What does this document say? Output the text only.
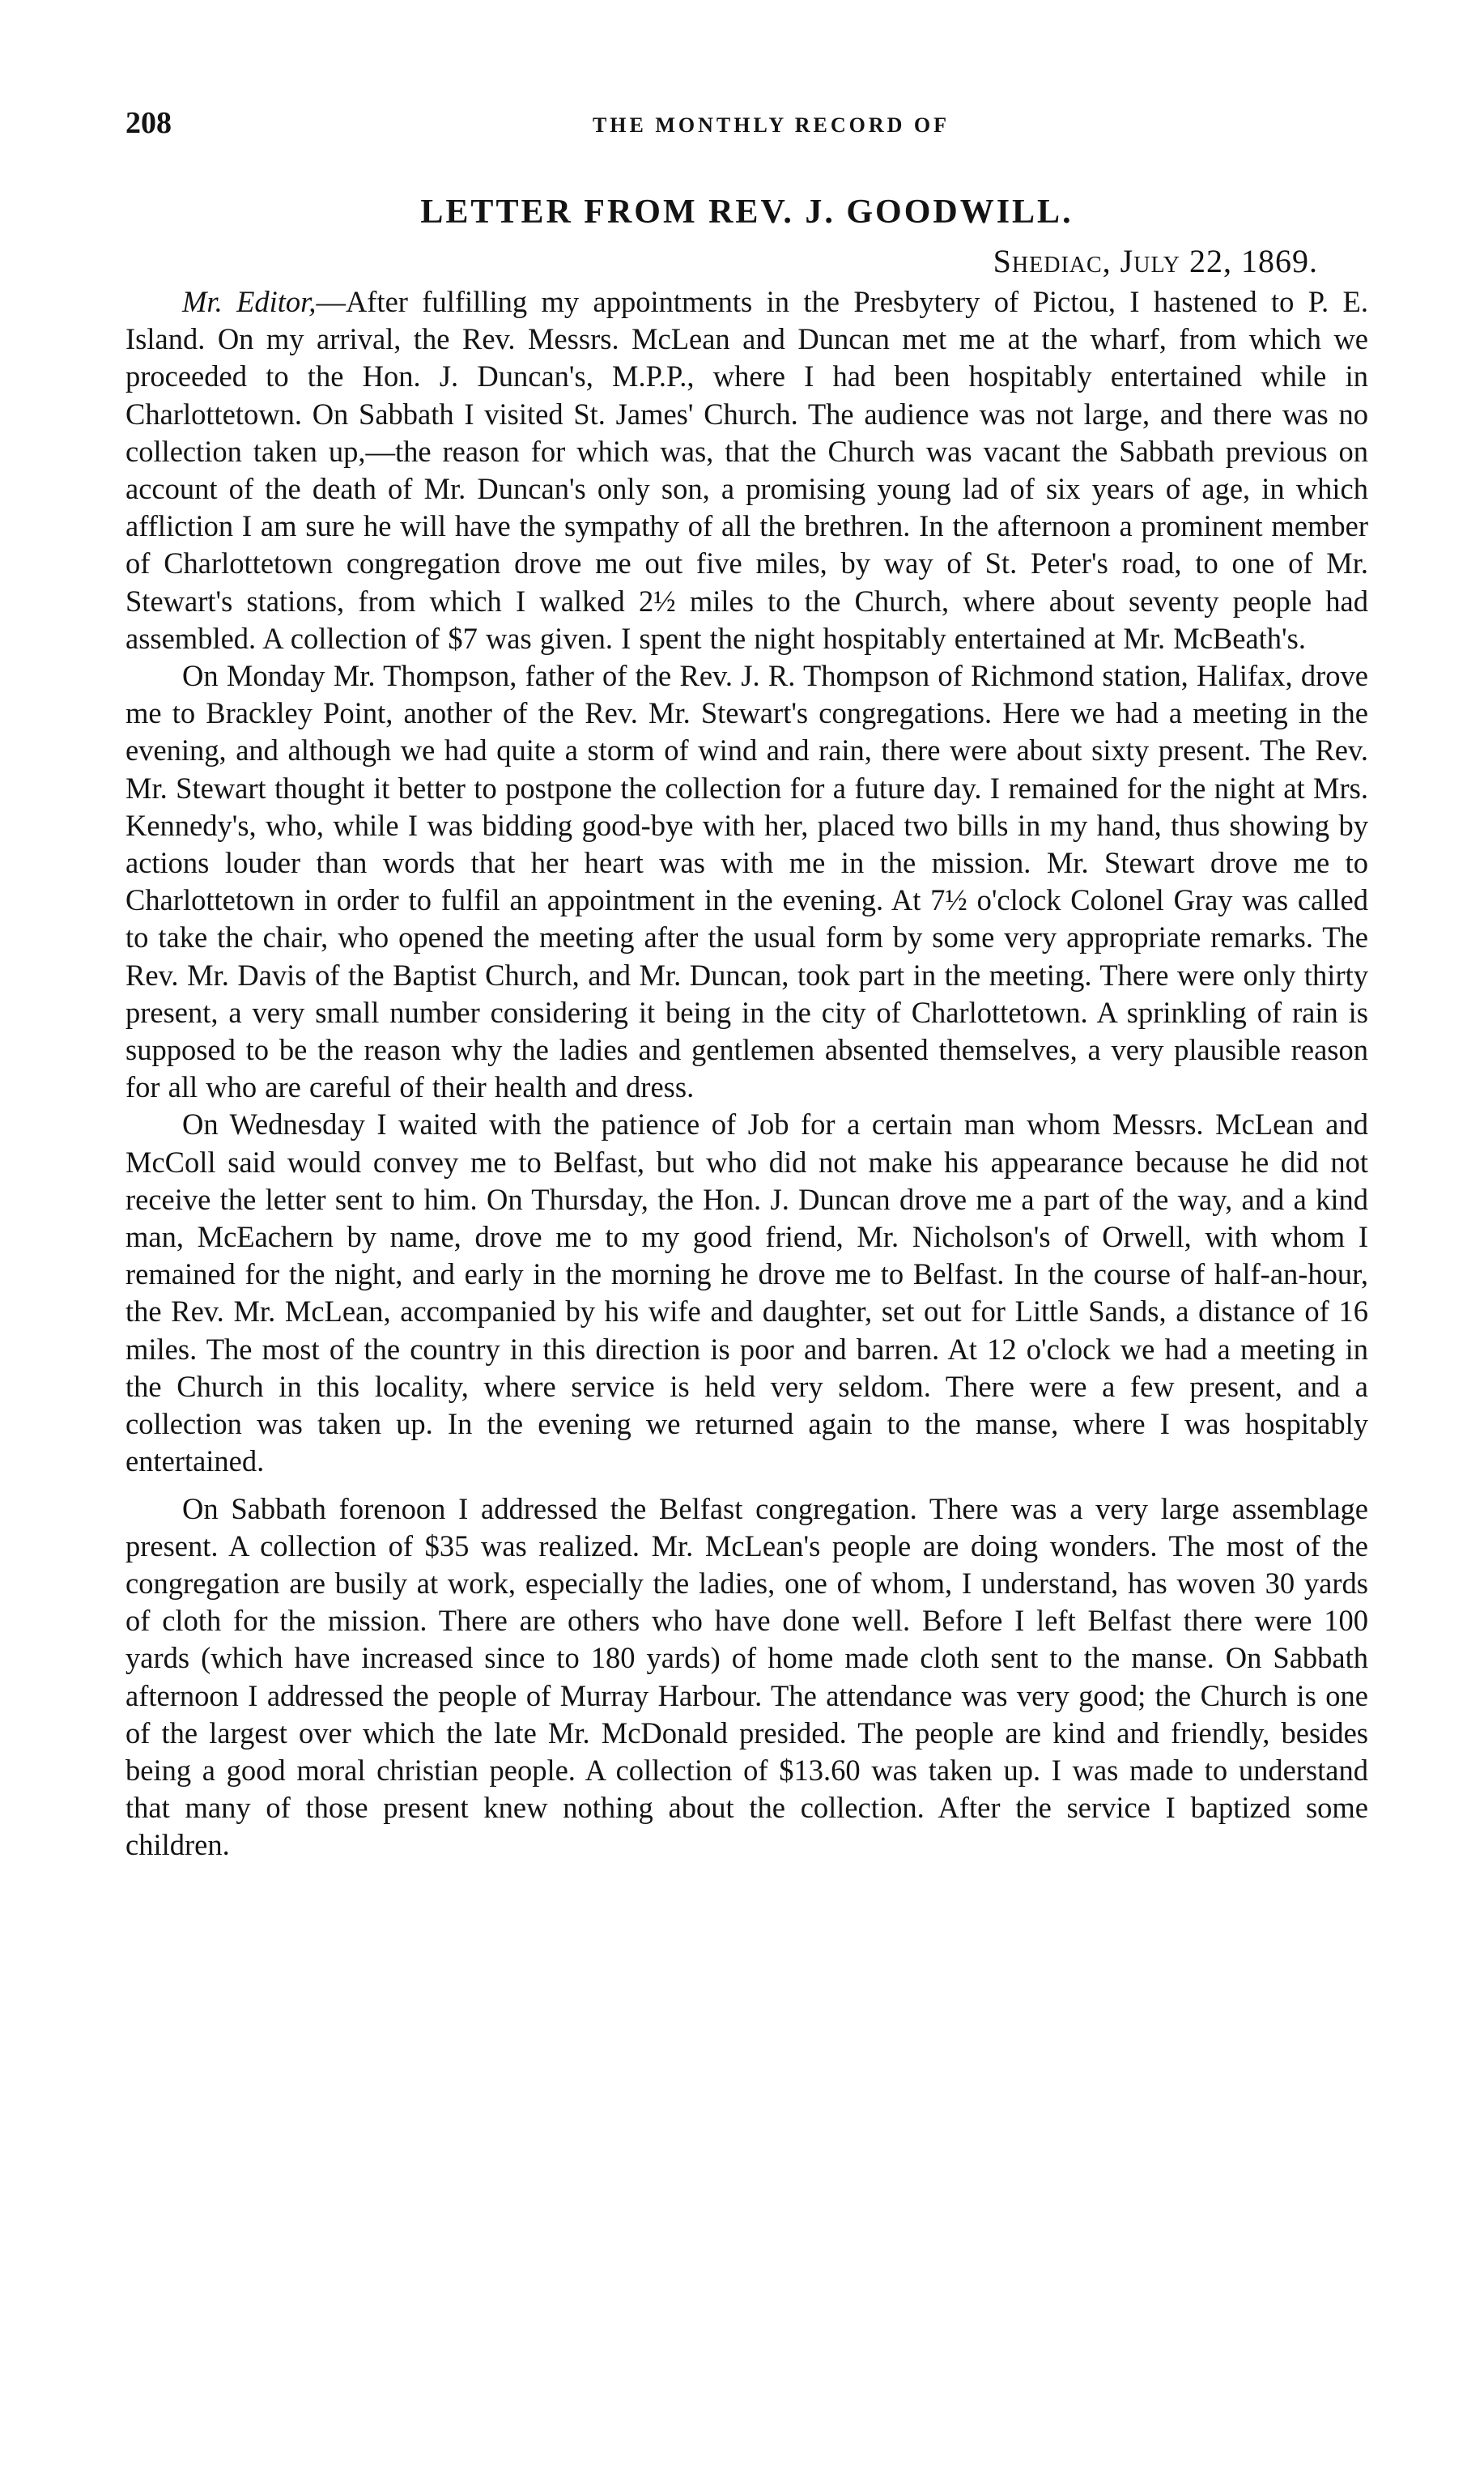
208	THE MONTHLY RECORD OF
LETTER FROM REV. J. GOODWILL.
Shediac, July 22, 1869.

Mr. Editor,—After fulfilling my appointments in the Presbytery of Pictou, I hastened to P. E. Island. On my arrival, the Rev. Messrs. McLean and Duncan met me at the wharf, from which we proceeded to the Hon. J. Duncan's, M.P.P., where I had been hospitably entertained while in Charlottetown. On Sabbath I visited St. James' Church. The audience was not large, and there was no collection taken up,—the reason for which was, that the Church was vacant the Sabbath previous on account of the death of Mr. Duncan's only son, a promising young lad of six years of age, in which affliction I am sure he will have the sympathy of all the brethren. In the afternoon a prominent member of Charlottetown congregation drove me out five miles, by way of St. Peter's road, to one of Mr. Stewart's stations, from which I walked 2½ miles to the Church, where about seventy people had assembled. A collection of $7 was given. I spent the night hospitably entertained at Mr. McBeath's.

On Monday Mr. Thompson, father of the Rev. J. R. Thompson of Richmond station, Halifax, drove me to Brackley Point, another of the Rev. Mr. Stewart's congregations. Here we had a meeting in the evening, and although we had quite a storm of wind and rain, there were about sixty present. The Rev. Mr. Stewart thought it better to postpone the collection for a future day. I remained for the night at Mrs. Kennedy's, who, while I was bidding good-bye with her, placed two bills in my hand, thus showing by actions louder than words that her heart was with me in the mission. Mr. Stewart drove me to Charlottetown in order to fulfil an appointment in the evening. At 7½ o'clock Colonel Gray was called to take the chair, who opened the meeting after the usual form by some very appropriate remarks. The Rev. Mr. Davis of the Baptist Church, and Mr. Duncan, took part in the meeting. There were only thirty present, a very small number considering it being in the city of Charlottetown. A sprinkling of rain is supposed to be the reason why the ladies and gentlemen absented themselves, a very plausible reason for all who are careful of their health and dress.

On Wednesday I waited with the patience of Job for a certain man whom Messrs. McLean and McColl said would convey me to Belfast, but who did not make his appearance because he did not receive the letter sent to him. On Thursday, the Hon. J. Duncan drove me a part of the way, and a kind man, McEachern by name, drove me to my good friend, Mr. Nicholson's of Orwell, with whom I remained for the night, and early in the morning he drove me to Belfast. In the course of half-an-hour, the Rev. Mr. McLean, accompanied by his wife and daughter, set out for Little Sands, a distance of 16 miles. The most of the country in this direction is poor and barren. At 12 o'clock we had a meeting in the Church in this locality, where service is held very seldom. There were a few present, and a collection was taken up. In the evening we returned again to the manse, where I was hospitably entertained.

On Sabbath forenoon I addressed the Belfast congregation. There was a very large assemblage present. A collection of $35 was realized. Mr. McLean's people are doing wonders. The most of the congregation are busily at work, especially the ladies, one of whom, I understand, has woven 30 yards of cloth for the mission. There are others who have done well. Before I left Belfast there were 100 yards (which have increased since to 180 yards) of home made cloth sent to the manse. On Sabbath afternoon I addressed the people of Murray Harbour. The attendance was very good; the Church is one of the largest over which the late Mr. McDonald presided. The people are kind and friendly, besides being a good moral christian people. A collection of $13.60 was taken up. I was made to understand that many of those present knew nothing about the collection. After the service I baptized some children.
